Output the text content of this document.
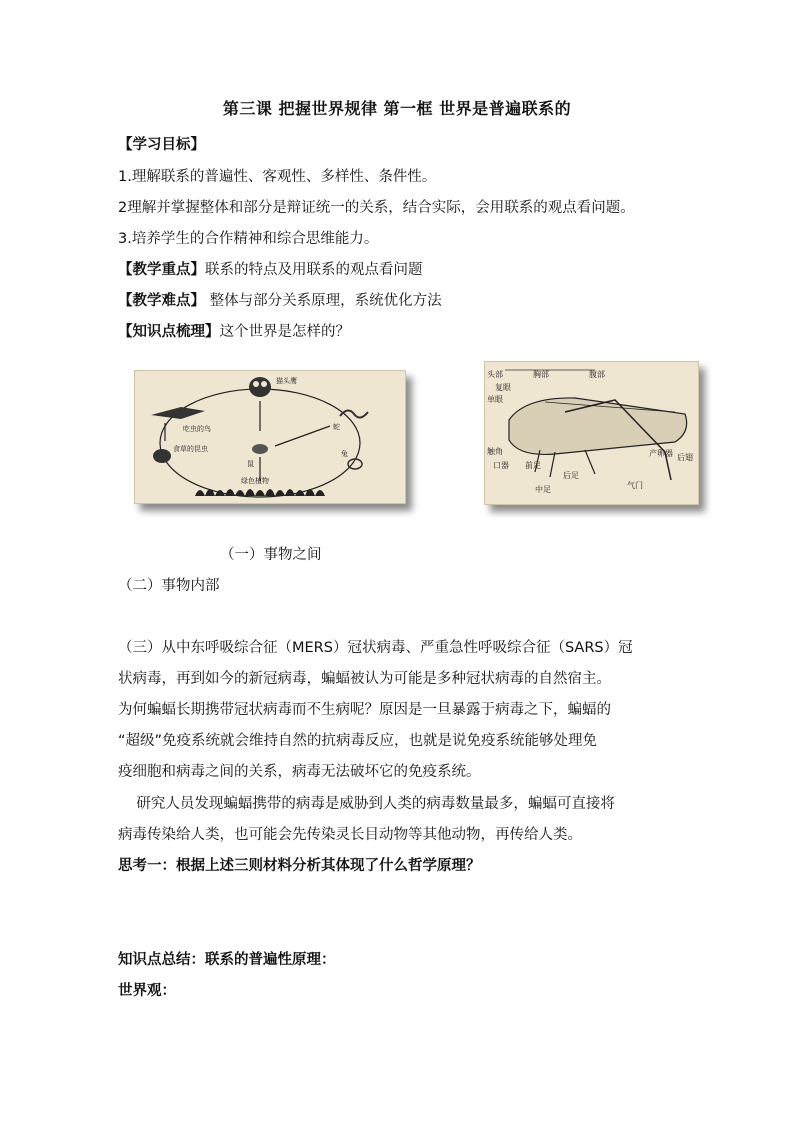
第三课 把握世界规律 第一框 世界是普遍联系的
【学习目标】
1.理解联系的普遍性、客观性、多样性、条件性。
2理解并掌握整体和部分是辩证统一的关系，结合实际，会用联系的观点看问题。
3.培养学生的合作精神和综合思维能力。
【教学重点】联系的特点及用联系的观点看问题
【教学难点】 整体与部分关系原理，系统优化方法
【知识点梳理】这个世界是怎样的？
猫头鹰
吃虫的鸟
食草的昆虫
鼠
蛇
兔
绿色植物
头部	胸部	腹部
复眼
单眼
触角
口器 前足
中足
后足
气门
产卵器 后翅
（一）事物之间
（二）事物内部
（三）从中东呼吸综合征（MERS）冠状病毒、严重急性呼吸综合征（SARS）冠
状病毒，再到如今的新冠病毒，蝙蝠被认为可能是多种冠状病毒的自然宿主。
为何蝙蝠长期携带冠状病毒而不生病呢？原因是一旦暴露于病毒之下，蝙蝠的
“超级”免疫系统就会维持自然的抗病毒反应，也就是说免疫系统能够处理免
疫细胞和病毒之间的关系，病毒无法破坏它的免疫系统。
研究人员发现蝙蝠携带的病毒是威胁到人类的病毒数量最多，蝙蝠可直接将
病毒传染给人类，也可能会先传染灵长目动物等其他动物，再传给人类。
思考一：根据上述三则材料分析其体现了什么哲学原理？
知识点总结：联系的普遍性原理：
世界观：
